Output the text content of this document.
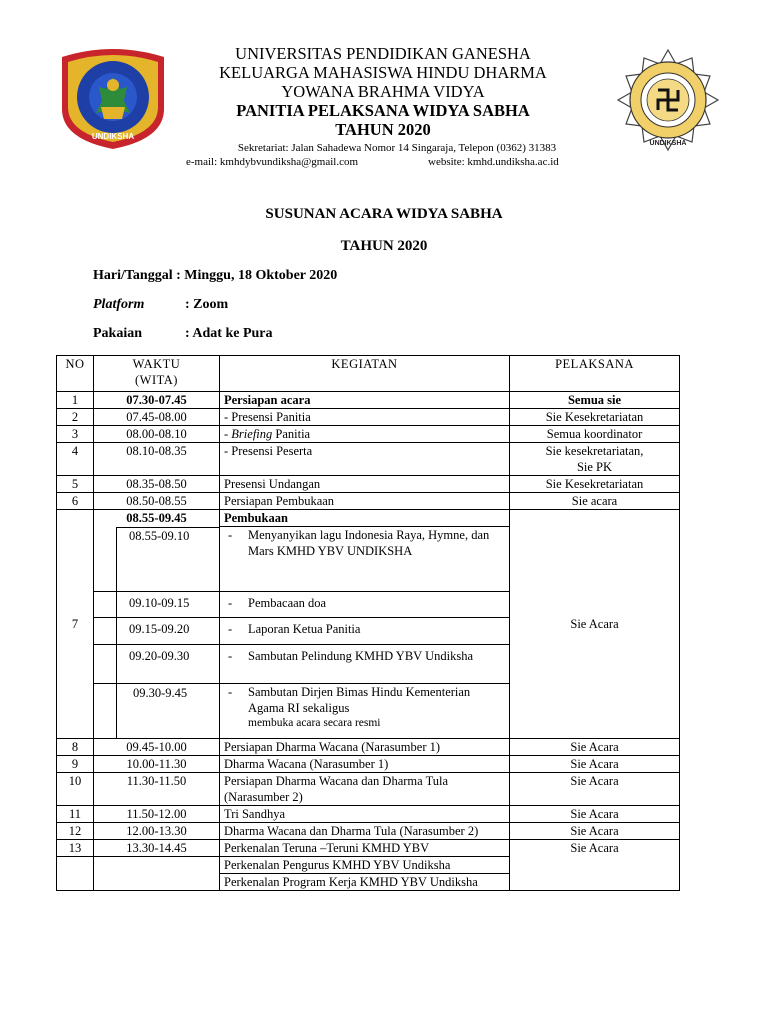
UNDIKSHA
UNDIKSHA
UNIVERSITAS PENDIDIKAN GANESHA
KELUARGA MAHASISWA HINDU DHARMA
YOWANA BRAHMA VIDYA
PANITIA PELAKSANA WIDYA SABHA
TAHUN 2020
Sekretariat: Jalan Sahadewa Nomor 14 Singaraja, Telepon (0362) 31383
e-mail: kmhdybvundiksha@gmail.com	website: kmhd.undiksha.ac.id
SUSUNAN ACARA WIDYA SABHA
TAHUN 2020
Hari/Tanggal : Minggu, 18 Oktober 2020
Platform	: Zoom
Pakaian	: Adat ke Pura
NO	WAKTU (WITA)	KEGIATAN	PELAKSANA
1	07.30-07.45	Persiapan acara	Semua sie
2	07.45-08.00	- Presensi Panitia	Sie Kesekretariatan
3	08.00-08.10	- Briefing Panitia	Semua koordinator
4	08.10-08.35	- Presensi Peserta	Sie kesekretariatan, Sie PK
5	08.35-08.50	Presensi Undangan	Sie Kesekretariatan
6	08.50-08.55	Persiapan Pembukaan	Sie acara
7	08.55-09.45	Pembukaan	Sie Acara

	08.55-09.10	- Menyanyikan lagu Indonesia Raya, Hymne, dan Mars KMHD YBV UNDIKSHA	

	09.10-09.15	- Pembacaan doa	

	09.15-09.20	- Laporan Ketua Panitia	

	09.20-09.30	- Sambutan Pelindung KMHD YBV Undiksha	

	09.30-9.45	- Sambutan Dirjen Bimas Hindu Kementerian Agama RI sekaligus
membuka acara secara resmi	

8	09.45-10.00	Persiapan Dharma Wacana (Narasumber 1)	Sie Acara
9	10.00-11.30	Dharma Wacana (Narasumber 1)	Sie Acara
10	11.30-11.50	Persiapan Dharma Wacana dan Dharma Tula (Narasumber 2)	Sie Acara
11	11.50-12.00	Tri Sandhya	Sie Acara
12	12.00-13.30	Dharma Wacana dan Dharma Tula (Narasumber 2)	Sie Acara
13	13.30-14.45	Perkenalan Teruna –Teruni KMHD YBV	Sie Acara
		Perkenalan Pengurus KMHD YBV Undiksha	
		Perkenalan Program Kerja KMHD YBV Undiksha	
